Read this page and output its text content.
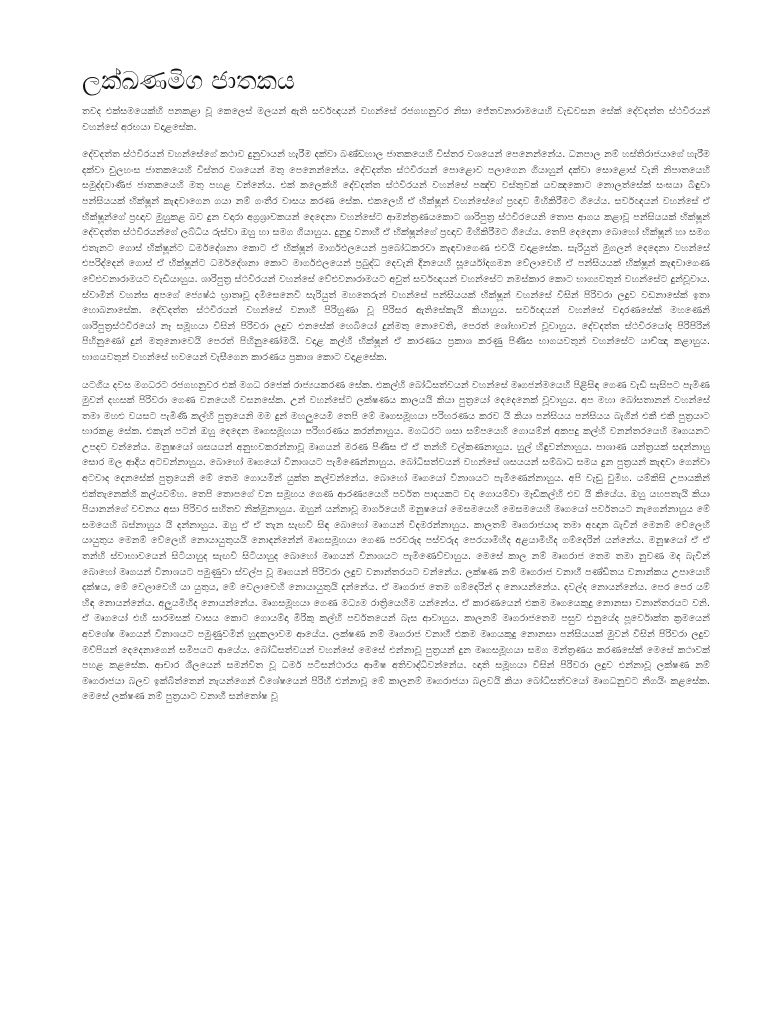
ලක්ඛණමිග ජාතකය

තවද එක්සමයෙක්හි පනකළා වූ කෙලෙස් මලයන් ඇති සර්වඥයන් වහන්සේ රජගහනුවර නිසා ජේතවනාරාමයෙහි වැඩවසන සේක් දේවදත්ත ස්ථවිරයන් වහන්සේ අරභයා වදාළසේක.

දේවදත්ත ස්ථවිරයන් වහන්සේගේ කථාව දුනුවායන් හැරීම දක්වා බණ්ඩහාල ජාතකයෙහි විස්තර වශයෙන් පෙනෙන්නේය. ධනපාල නම් හස්තිරාජයාගේ හැරීම දක්වා චුලහංස ජාතකයෙහි විස්තර වශයෙන් මතු පෙනෙන්නේය. දේවදත්ත ස්ථවිරයන් පොළොව පලාගෙන ගියාහුන් දක්වා සොළොස් වැනි නිපාතයෙහි සමුද්දවාණිජ ජාතකයෙහි මතු පහළ වන්නේය. එක් කලෙක්හි දේවදත්ත ස්ථවිරයන් වහන්සේ පඤ්ච වස්තුවක් යවඤකොට නොලත්සේක් සංඝයා බිඳුවා පන්සියයක් භික්ෂූන් කැඳවාගෙන ගයා නම් ගංතීර වාසය කරණ සේක. එකලෙහි ඒ භික්ෂූන් වහන්සේගේ ප්‍රඥාව මිහිකිරීමට ගියේය. සර්වඥයන් වහන්සේ ඒ භික්ෂූන්ගේ ප්‍රඥාව මුහුකළ බව දුන වදාරා අග්‍රශ්‍රාවකයන් දෙදෙනා වහන්සේට ආමන්ත්‍රණයකොට ශාරිපුත්‍ර ස්ථවිරයෙනි තොප ආගය කළාවූ පන්සියයක් භික්ෂූන් දේවදත්ත ස්ථවිරයන්ගේ ලබ්ධිය රුස්වා ඔහු හා සමග ගියාහුය. දුනුදු වනාහී ඒ භික්ෂූන්ගේ ප්‍රඥාව මිහිකිරීමට ගියේය. තෙපි දෙදෙනා බොහෝ භික්ෂූන් හා සමග එතැනට ගොස් භික්ෂූන්ට ධර්මදේශනා කොට ඒ භික්ෂූන් මාර්ගඵලයෙන් ප්‍රබෝධකරවා කැඳවාගෙණ එවයි වදාළසේක. සැරියුත් මුගලන් දෙදෙනා වහන්සේ එපරිද්දෙන් ගොස් ඒ භික්ෂූන්ට ධර්මදේශනා කොට මාර්ගඵලයෙන් ප්‍රබුද්ධ දෙවැනි දිනයෙහි සූර්යෝදගමන වේලාවෙහි ඒ පන්සියයක් භික්ෂූන් කැඳවාගෙණ වේළුවනාරාමයට වැඩියාහුය. ශාරිපුත්‍ර ස්ථවිරයන් වහන්සේ වේළුවනාරාමයට අවුත් සර්වඥයන් වහන්සේට නමස්කාර කොට භාග්‍යවතුන් වහන්සේට දුන්වූවාය. ස්වාමීන් වහන්ස අපගේ ජ්‍යෙෂ්ඨ භ්‍රාතෘවූ දමිසෙනෙවි සැරියුත් මහතෙරුන් වහන්සේ පන්සියයක් භික්ෂූන් වහන්සේ විසින් පිරිවරා ලදුව වඩනාසේක් ඉතා හොබනාසේක. දේවදත්ත ස්ථවිරයන් වහන්සේ වනාහී පිරිහුණා වූ පිරිසර ඇතිසේකැයි කියාහුය. සර්වඥයන් වහන්සේ වදාරණසේක් මහණෙනි ශාරිපුත්‍රස්ථවිරයෝ නෑ සමූහයා විසින් පිරිවරා ලදුව එනසේක් හෙබියෝ දුන්මතු නොවෙති, පෙරත් ශෝභාවන් වූවාහුය. දේවදත්ත ස්ථවිරයෝද පිරිපිරින් පිහිනුණෝ දුන් මතුනොවෙයි පෙරත් පිහිනුණෝමයි. වදාළ කල්හි භික්ෂූන් ඒ කාරණය ප්‍රකාශ කරණු පිණිස භාගයවතුන් වහන්සේට යාච්ඤා කළාහුය. භාගයවතුන් වහන්සේ භවයෙන් වැසීගෙන කාරණය ප්‍රකාශ කොට වදාළසේක.

යටගිය දවස මගධරට රජගහනුවර එක් මගධ රජෙක් රාජ්‍යයකරණ සේක. එකල්හි බෝධිසත්වයන් වහන්සේ මෘගජන්මයෙහි පිළිසිඳ ගෙණ වැඩී සැසිපට පැමිණ මුවන් දහසක් පිරිවරා ගෙණ වනයෙහි වසනසේක. උන් වහන්සේට ලක්ෂණය කාලයයි කියා පුත්‍රයෝ දෙදෙනෙක් වූවාහුය. අප මහා බෝසතානන් වහන්සේ තමා මහළු වයසට පැමිණි කල්හි පුත්‍රයෙනි මම දුන් මහලුයෙමි තෙපි මේ මෘගසමූහයා පරිහරණය කරව යි කියා පන්සියය පන්සියය බැගින් එකී එකී පුත්‍රයාට භාරකළ සේක. එකැන් පටන් ඔහු දෙදෙන මෘගසමූහයා පරිහරණය කරන්නාහුය. මගධරට ශසා සම්පයෙහි ගොයම්න් අකපදු කල්හි වනන්තරයෙහි මෘගයනට උපදව වන්නේය. මනුෂයෝ ශසයයන් අනුභවකරන්නාවූ මෘගයන් මරණ පිණිස ඒ ඒ තන්හි වල්කණනාහුය. හුල් හිඳුවන්නාහුය. පාශාණ යන්ත්‍රයක් සදන්නාහු සොර මල ආදිය අටවන්නාහුය. බොහෝ මෘගයෝ විනාශයට පැමිණෙන්නාහුය. බෝධිසත්වයන් වහන්සේ ශසයයන් සම්බාධ සමය දුන පුත්‍රයන් කැඳවා ගෙන්වා අටවාද දෙනසේක් පුත්‍රයෙනි මේ තෙම ගොයමින් යුක්ත කල්වන්නේය. බොහෝ මෘගයෝ විනාශයට පැමිණෙන්නාහුය. අපි වැඩු වුමිහ. යම්කිසි උපායකින් එක්තැනෙක්හි කල්යවම්හ. තෙපි තොපගේ වන සමූහය ගෙණ ආරණ්‍යයෙහි පර්වත පාදයකට වද ගොයම්වා මෑඩිකල්හි එව යි කියේය. ඔහු යහපතැයි කියා පියානන්ගේ වචනය අසා පිරිවර සහිතව නික්මුනාහුය. ඔහුන් යන්නාවූ මාර්ගයෙහි මනුෂයෝ මෙසමයෙහි මෙසමයෙහි මෘගයෝ පර්වතයට නැගෙන්නාහුය මේ සමයෙහි බස්නාහුය යි දන්නාහුය. ඔහු ඒ ඒ තැන සැඟවී සිඳ බොහෝ මෘගයන් විදමරන්නාහුය. කාලතම් මෘගරාජයාද තමා අඥාන බැවින් මෙනම් වේලෙහි යායුතුය මෙනම් වේලෙහි නොයායුතුයයි නොදන්නේන් මෘගසමූහයා ගෙණ පරවරුද පස්වරුද පෙරයාමිහිද අළයාමිහිද ගම්දෙරින් යන්නේය. මනුෂයෝ ඒ ඒ තන්හි ස්වාභාවයෙන් සිටියාහුද සැඟවී සිටියාහුද බොහෝ මෘගයන් විනාශයට පැමිණෙව්වාහුය. මෙසේ කාල නම් මෘගරාජ තෙම තමා නුවණ මද බැවින් බොහෝ මෘගයන් විනාශයට පමුණුවා ස්වල්ප වූ මෘගයන් පිරිවරා ලදුව වනාන්තරයට වන්නේය. ලක්ෂණ නම් මෘගරාජ වනාහී පණ්ඩිතය වනාන්කය උපායෙහි දක්ෂය, මේ වෙලාවෙහි යා යුතුය, මේ වෙලාවෙහි නොයායුතුයි දන්නේය. ඒ මෘගරාජ තෙම ගම්දෙරින් ද නොයන්නේය. දවල්ද නොයන්නේය. පෙර පෙර යම් හිඳ නොයන්නේය. අලුයමිහිද නොයන්නේය. මෘගසමූහයා ගෙණ මධ්‍යම රාත්‍රියෙහිම යන්නේය. ඒ කාරණයෙන් එකම මෘගයෙකුදු නොනසා වනාන්තරයට වනි. ඒ මෘගයෝ එහි සාරමසක් වාසය කොට ගොයම්දා මිරිකු කල්හි පර්වතයෙන් බැස ආවාහුය. කාලනම් මෘගරාජතෙම පසුව එනුයේද පූර්වොක්ත ක්‍රමයෙන් අවශේෂ මෘගයන් විනාශයට පමුණුවමින් හුදකලාවම ආයේය. ලක්ෂණ නම් මෘගරාජ වනාහී එකම මෘගයකුදු නොනසා පන්සියයක් මුවන් විසින් පිරිවරා ලදුව මව්පියන් දෙදෙනාගෙන් සමීපයට ආයේය. බෝධිසත්වයන් වහන්සේ මෙසේ එන්නාවූ පුත්‍රයන් දුන මෘගසමූහයා සමග මන්ත්‍රණය කරණසේක් මෙසේ කථාවක් පහළ කළසේක. ආචාර ශීලයෙන් සමන්විත වූ ධර්ම පටිසන්ථාරය ආමිෂ අතිවාද්ධිවන්නේය. ඥාති සමූහයා විසින් පිරිවරා ලදුව එන්නාවූ ලක්ෂණ නම් මෘගරාජයා බලව ඉක්බිත්තෙන් නැයන්ගෙන් විශේෂයෙන් පිරිහී එන්නාවූ මේ කාලනම් මෘගරාජයා බලවයි කියා බෝධිසත්වයෝ මෘගධනුවට නිගයිං කළසේක. මෙසේ ලක්ෂණ නම් පුත්‍රයාට වනාහී සන්තෝෂ වූ
